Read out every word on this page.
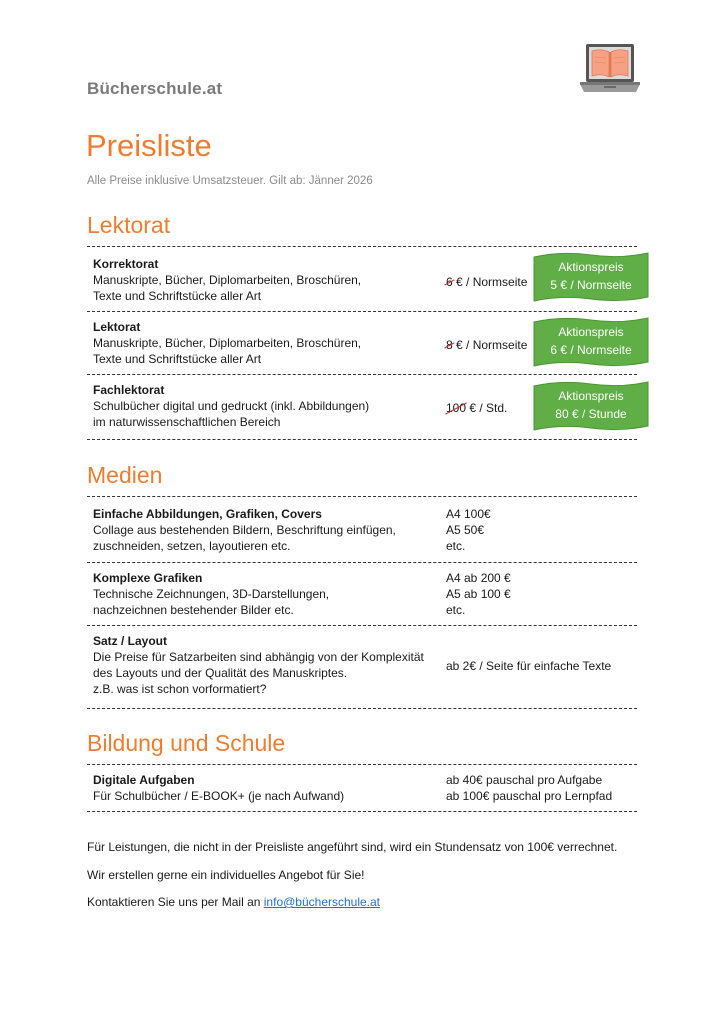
Bücherschule.at
Preisliste
Alle Preise inklusive Umsatzsteuer. Gilt ab: Jänner 2026
Lektorat
Korrektorat
Manuskripte, Bücher, Diplomarbeiten, Broschüren,
Texte und Schriftstücke aller Art
6 € / Normseite
Aktionspreis
5 € / Normseite
Lektorat
Manuskripte, Bücher, Diplomarbeiten, Broschüren,
Texte und Schriftstücke aller Art
8 € / Normseite
Aktionspreis
6 € / Normseite
Fachlektorat
Schulbücher digital und gedruckt (inkl. Abbildungen)
im naturwissenschaftlichen Bereich
100 € / Std.
Aktionspreis
80 € / Stunde
Medien
Einfache Abbildungen, Grafiken, Covers
Collage aus bestehenden Bildern, Beschriftung einfügen,
zuschneiden, setzen, layoutieren etc.
A4 100€
A5 50€
etc.
Komplexe Grafiken
Technische Zeichnungen, 3D-Darstellungen,
nachzeichnen bestehender Bilder etc.
A4 ab 200 €
A5 ab 100 €
etc.
Satz / Layout
Die Preise für Satzarbeiten sind abhängig von der Komplexität
des Layouts und der Qualität des Manuskriptes.
z.B. was ist schon vorformatiert?
ab 2€ / Seite für einfache Texte
Bildung und Schule
Digitale Aufgaben
Für Schulbücher / E-BOOK+ (je nach Aufwand)
ab 40€ pauschal pro Aufgabe
ab 100€ pauschal pro Lernpfad
Für Leistungen, die nicht in der Preisliste angeführt sind, wird ein Stundensatz von 100€ verrechnet.
Wir erstellen gerne ein individuelles Angebot für Sie!
Kontaktieren Sie uns per Mail an info@bücherschule.at
